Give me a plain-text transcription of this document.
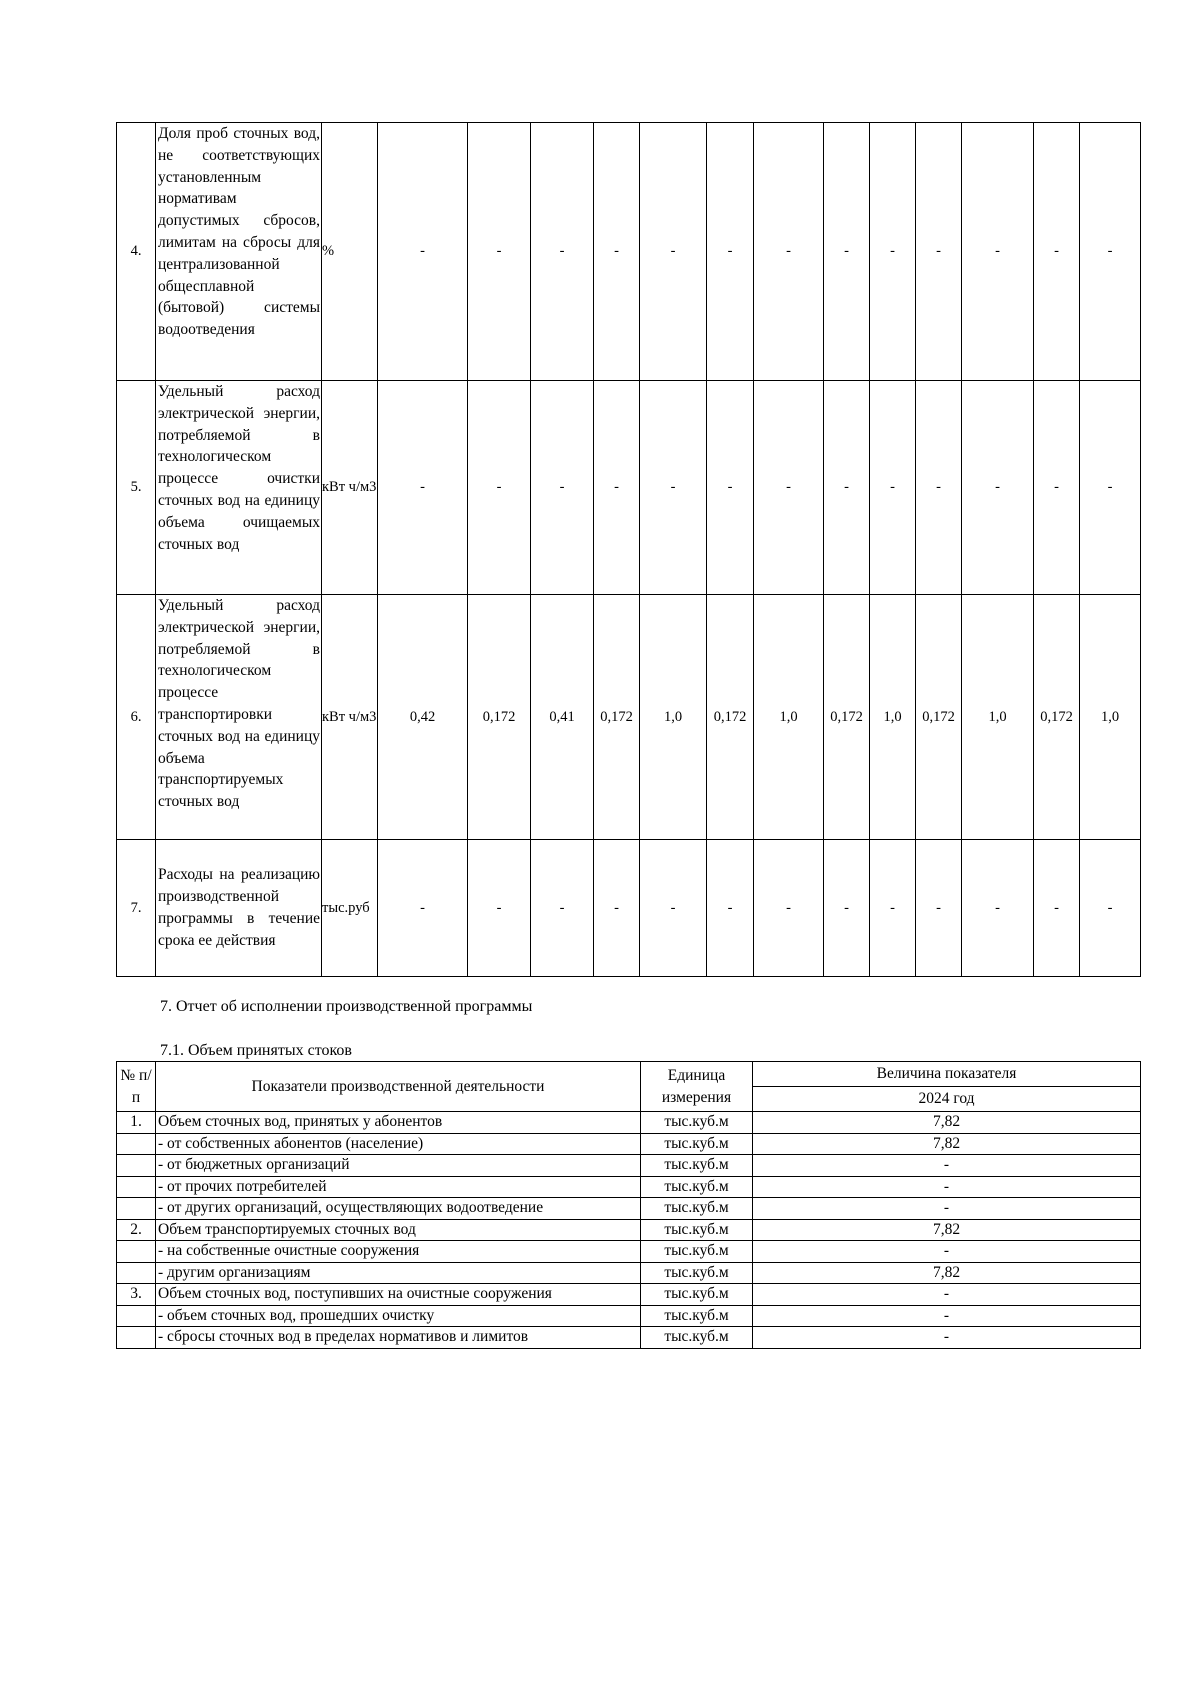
4.	Доля проб сточных вод, не соответствующих установленным нормативам допустимых сбросов, лимитам на сбросы для централизованной общесплавной (бытовой) системы водоотведения	%	-	-	-	-	-	-	-	-	-	-	-	-	-
5.	Удельный расход электрической энергии, потребляемой в технологическом процессе очистки сточных вод на единицу объема очищаемых сточных вод	кВт ч/м3	-	-	-	-	-	-	-	-	-	-	-	-	-
6.	Удельный расход электрической энергии, потребляемой в технологическом процессе транспортировки сточных вод на единицу объема транспортируемых сточных вод	кВт ч/м3	0,42	0,172	0,41	0,172	1,0	0,172	1,0	0,172	1,0	0,172	1,0	0,172	1,0
7.	Расходы на реализацию производственной программы в течение срока ее действия	тыс.руб	-	-	-	-	-	-	-	-	-	-	-	-	-
7. Отчет об исполнении производственной программы
7.1. Объем принятых стоков
№ п/п	Показатели производственной деятельности	Единица измерения	Величина показателя
			2024 год
1.	Объем сточных вод, принятых у абонентов	тыс.куб.м	7,82
	- от собственных абонентов (население)	тыс.куб.м	7,82
	- от бюджетных организаций	тыс.куб.м	-
	- от прочих потребителей	тыс.куб.м	-
	- от других организаций, осуществляющих водоотведение	тыс.куб.м	-
2.	Объем транспортируемых сточных вод	тыс.куб.м	7,82
	- на собственные очистные сооружения	тыс.куб.м	-
	- другим организациям	тыс.куб.м	7,82
3.	Объем сточных вод, поступивших на очистные сооружения	тыс.куб.м	-
	- объем сточных вод, прошедших очистку	тыс.куб.м	-
	- сбросы сточных вод в пределах нормативов и лимитов	тыс.куб.м	-
